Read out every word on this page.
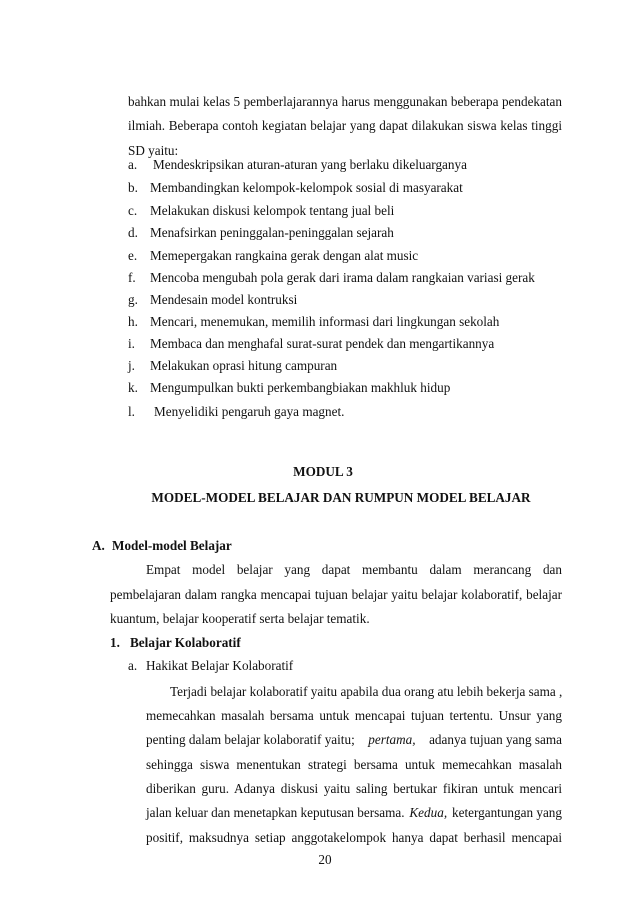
bahkan mulai kelas 5 pemberlajarannya harus menggunakan beberapa pendekatan
ilmiah. Beberapa contoh kegiatan belajar yang dapat dilakukan siswa kelas tinggi
SD yaitu:
a. Mendeskripsikan aturan-aturan yang berlaku dikeluarganya
b. Membandingkan kelompok-kelompok sosial di masyarakat
c. Melakukan diskusi kelompok tentang jual beli
d. Menafsirkan peninggalan-peninggalan sejarah
e. Memepergakan rangkaina gerak dengan alat music
f. Mencoba mengubah pola gerak dari irama dalam rangkaian variasi gerak
g. Mendesain model kontruksi
h. Mencari, menemukan, memilih informasi dari lingkungan sekolah
i. Membaca dan menghafal surat-surat pendek dan mengartikannya
j. Melakukan oprasi hitung campuran
k. Mengumpulkan bukti perkembangbiakan makhluk hidup
l. Menyelidiki pengaruh gaya magnet.
MODUL 3
MODEL-MODEL BELAJAR DAN RUMPUN MODEL BELAJAR
A. Model-model Belajar
Empat model belajar yang dapat membantu dalam merancang dan
pembelajaran dalam rangka mencapai tujuan belajar yaitu belajar kolaboratif, belajar
kuantum, belajar kooperatif serta belajar tematik.
1. Belajar Kolaboratif
a. Hakikat Belajar Kolaboratif
Terjadi belajar kolaboratif yaitu apabila dua orang atu lebih bekerja sama ,
memecahkan masalah bersama untuk mencapai tujuan tertentu. Unsur yang
penting dalam belajar kolaboratif yaitu; pertama, adanya tujuan yang sama
sehingga siswa menentukan strategi bersama untuk memecahkan masalah
diberikan guru. Adanya diskusi yaitu saling bertukar fikiran untuk mencari
jalan keluar dan menetapkan keputusan bersama. Kedua, ketergantungan yang
positif, maksudnya setiap anggotakelompok hanya dapat berhasil mencapai
20
